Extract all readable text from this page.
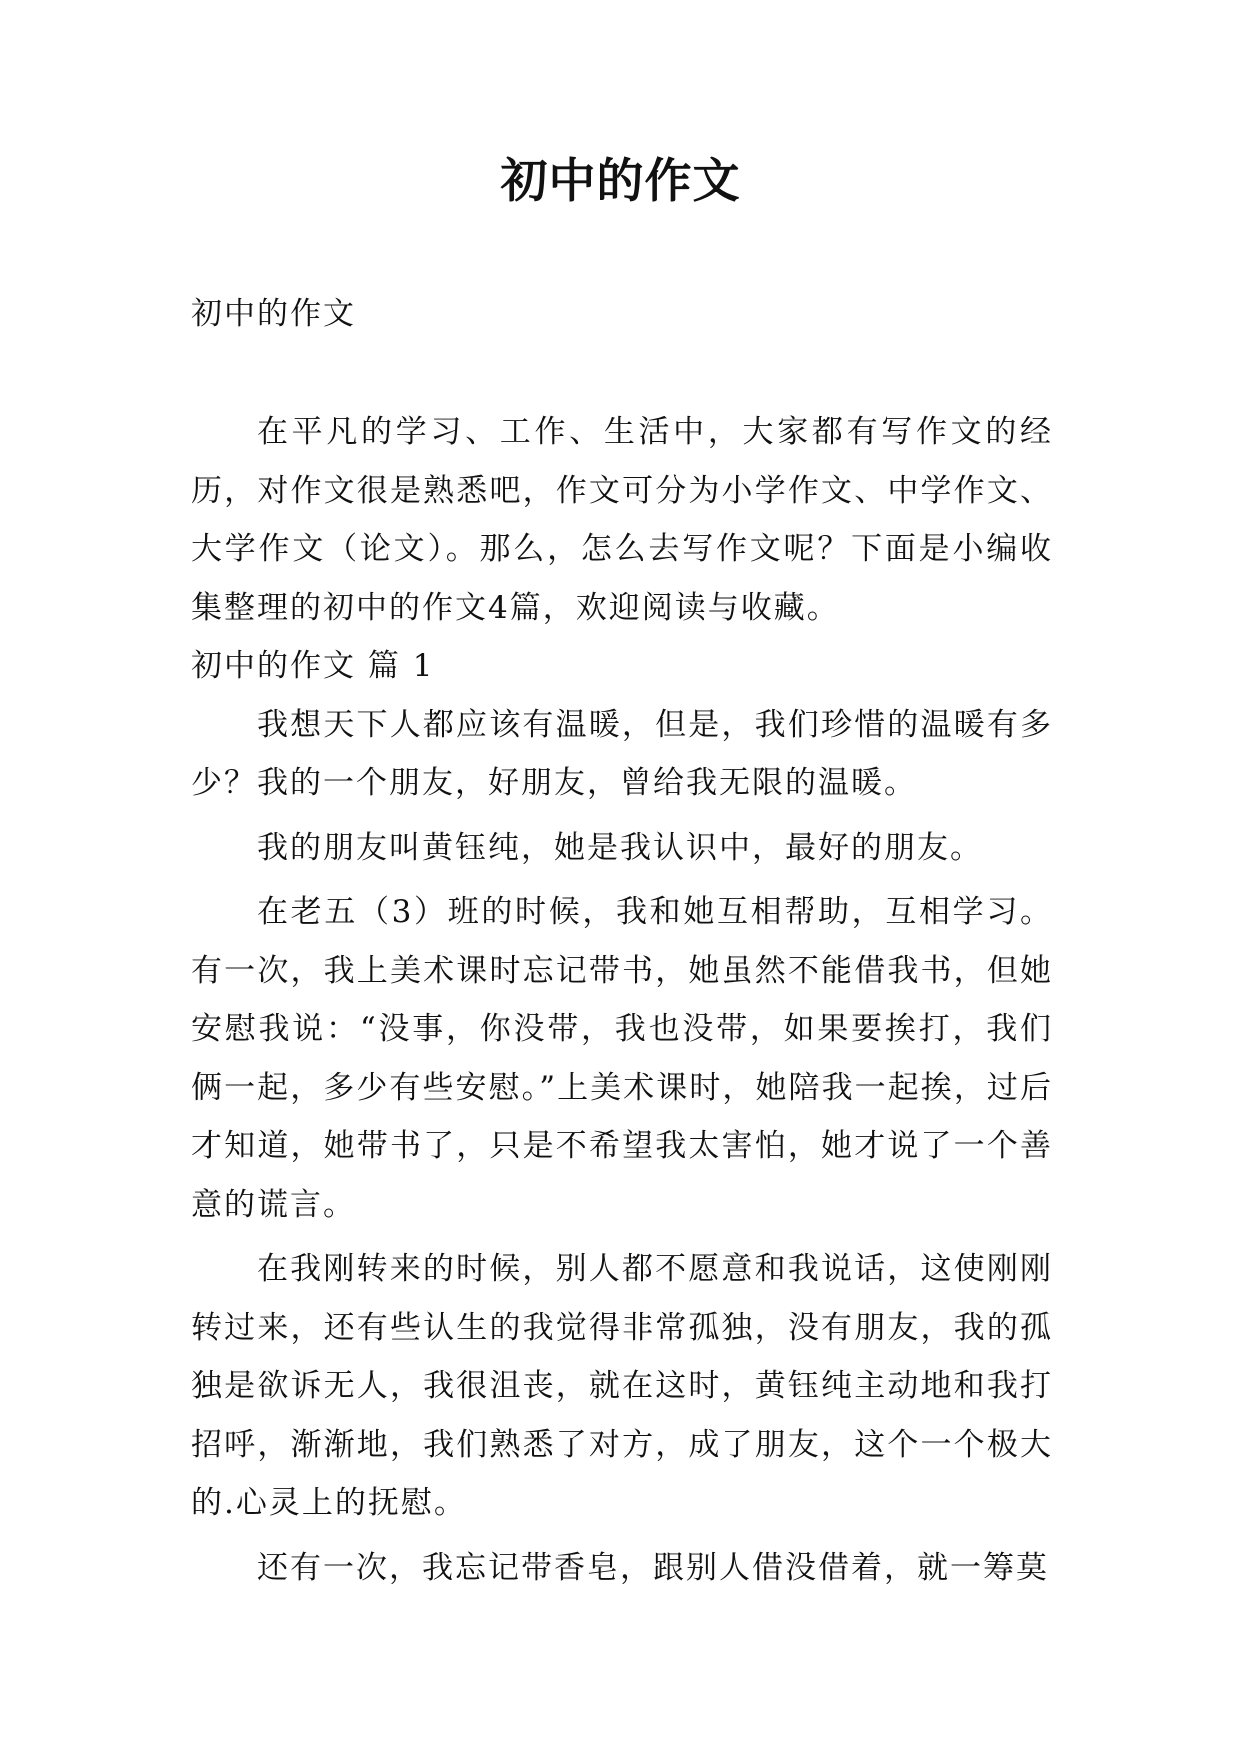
初中的作文

初中的作文

在平凡的学习、工作、生活中，大家都有写作文的经历，对作文很是熟悉吧，作文可分为小学作文、中学作文、大学作文（论文）。那么，怎么去写作文呢？下面是小编收集整理的初中的作文4篇，欢迎阅读与收藏。

初中的作文 篇 1

我想天下人都应该有温暖，但是，我们珍惜的温暖有多少？我的一个朋友，好朋友，曾给我无限的温暖。

我的朋友叫黄钰纯，她是我认识中，最好的朋友。

在老五（3）班的时候，我和她互相帮助，互相学习。有一次，我上美术课时忘记带书，她虽然不能借我书，但她安慰我说：“没事，你没带，我也没带，如果要挨打，我们俩一起，多少有些安慰。”上美术课时，她陪我一起挨，过后才知道，她带书了，只是不希望我太害怕，她才说了一个善意的谎言。

在我刚转来的时候，别人都不愿意和我说话，这使刚刚转过来，还有些认生的我觉得非常孤独，没有朋友，我的孤独是欲诉无人，我很沮丧，就在这时，黄钰纯主动地和我打招呼，渐渐地，我们熟悉了对方，成了朋友，这个一个极大的.心灵上的抚慰。

还有一次，我忘记带香皂，跟别人借没借着，就一筹莫
